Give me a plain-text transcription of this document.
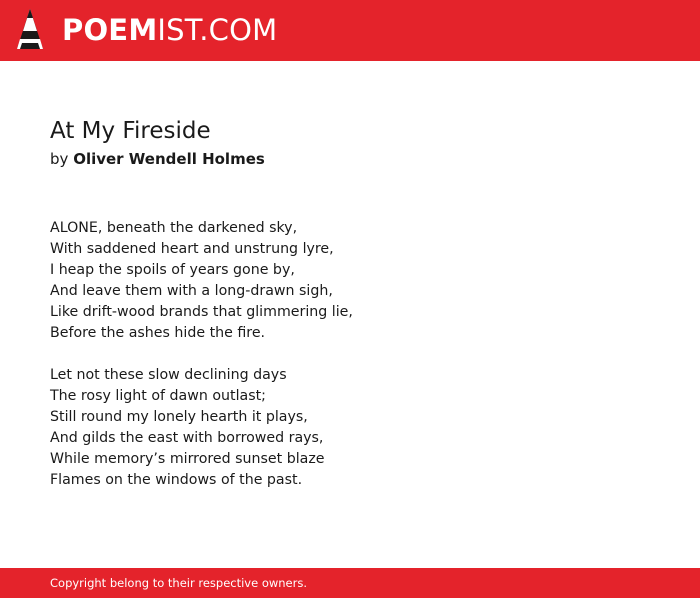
POEMIST.COM
At My Fireside
by Oliver Wendell Holmes
ALONE, beneath the darkened sky,
With saddened heart and unstrung lyre,
I heap the spoils of years gone by,
And leave them with a long-drawn sigh,
Like drift-wood brands that glimmering lie,
Before the ashes hide the fire.
Let not these slow declining days
The rosy light of dawn outlast;
Still round my lonely hearth it plays,
And gilds the east with borrowed rays,
While memory’s mirrored sunset blaze
Flames on the windows of the past.
Copyright belong to their respective owners.
